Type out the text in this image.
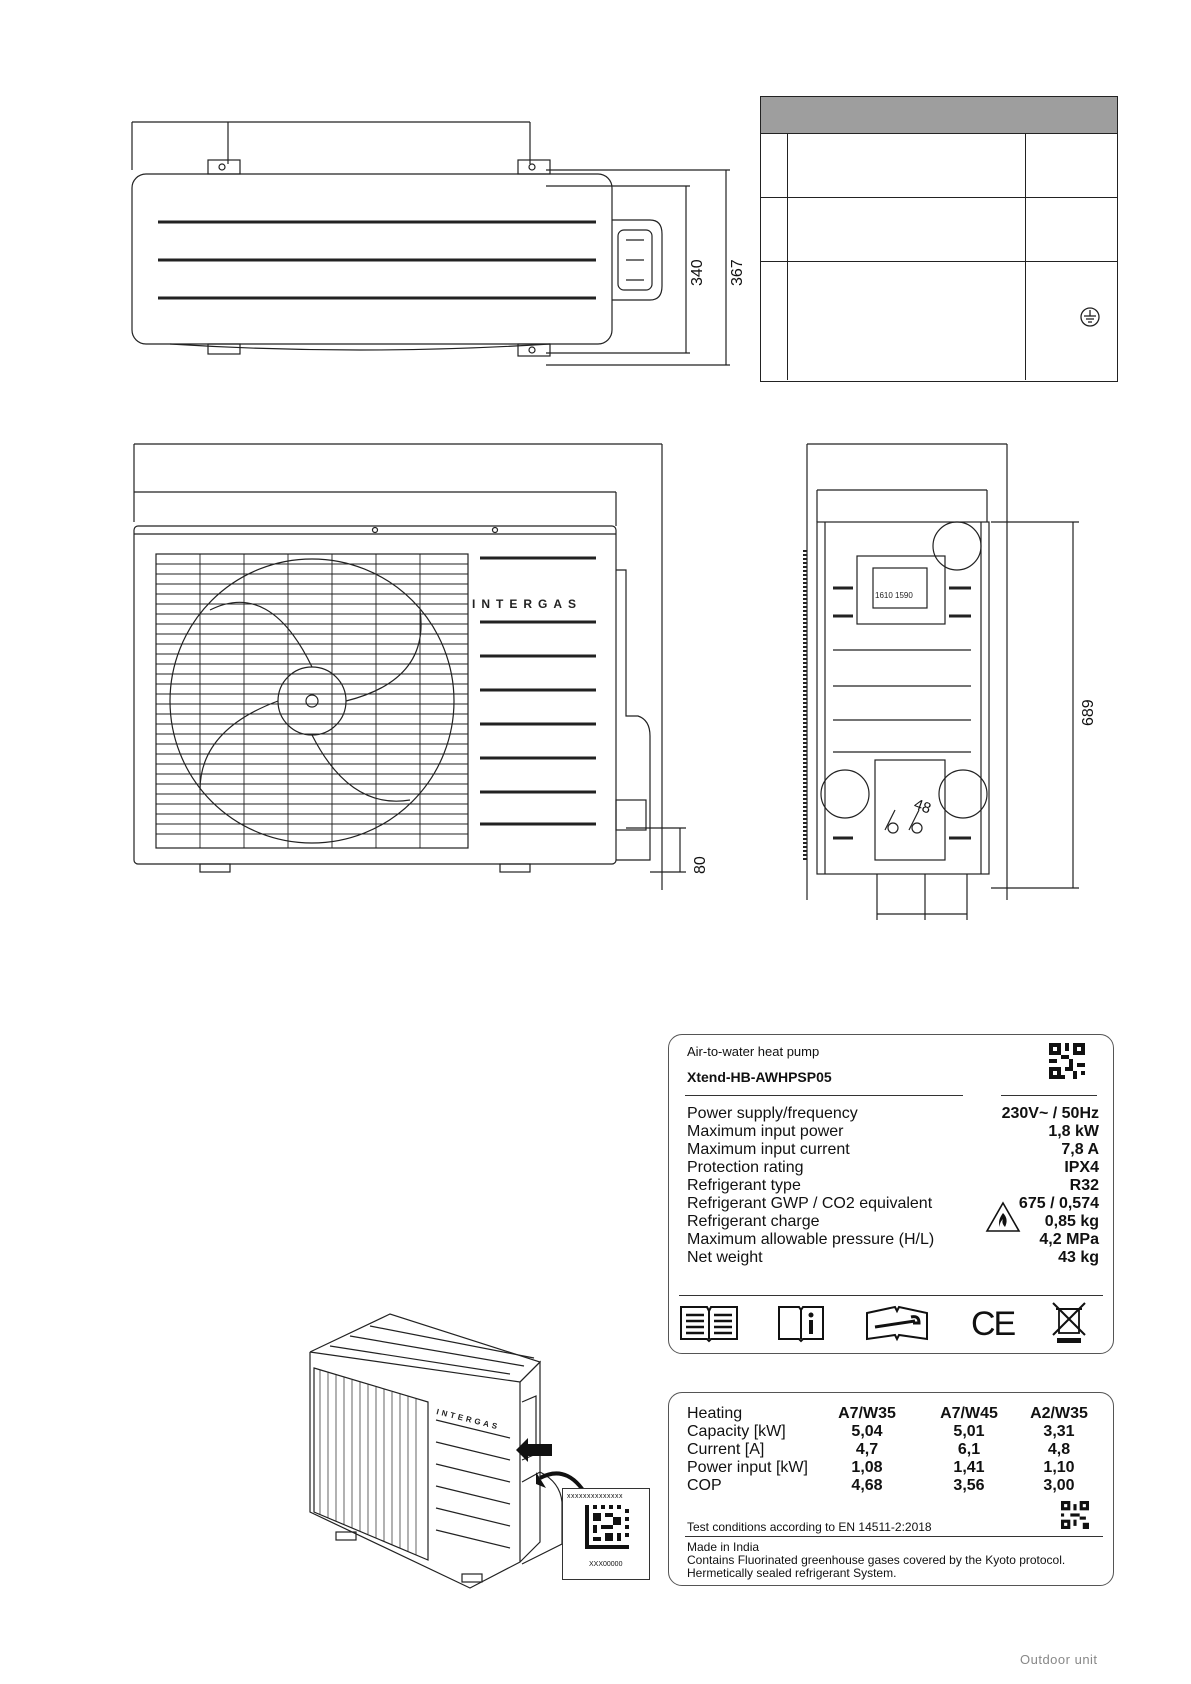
340 367
INTERGAS
80
1610 1590
48
689
INTERGAS
xxxxxxxxxxxxxx
XXX00000
Air-to-water heat pump
Xtend-HB-AWHPSP05
Power supply/frequency
Maximum input power
Maximum input current
Protection rating
Refrigerant type
Refrigerant GWP / CO2 equivalent
Refrigerant charge
Maximum allowable pressure (H/L)
Net weight
230V~ / 50Hz
1,8 kW
7,8 A
IPX4
R32
675 / 0,574
0,85 kg
4,2 MPa
43 kg
CE
Heating
Capacity [kW]
Current [A]
Power input [kW]
COP
A7/W35
5,04
4,7
1,08
4,68
A7/W45
5,01
6,1
1,41
3,56
A2/W35
3,31
4,8
1,10
3,00
Test conditions according to EN 14511-2:2018
Made in India
Contains Fluorinated greenhouse gases covered by the Kyoto protocol.
Hermetically sealed refrigerant System.
Outdoor unit
